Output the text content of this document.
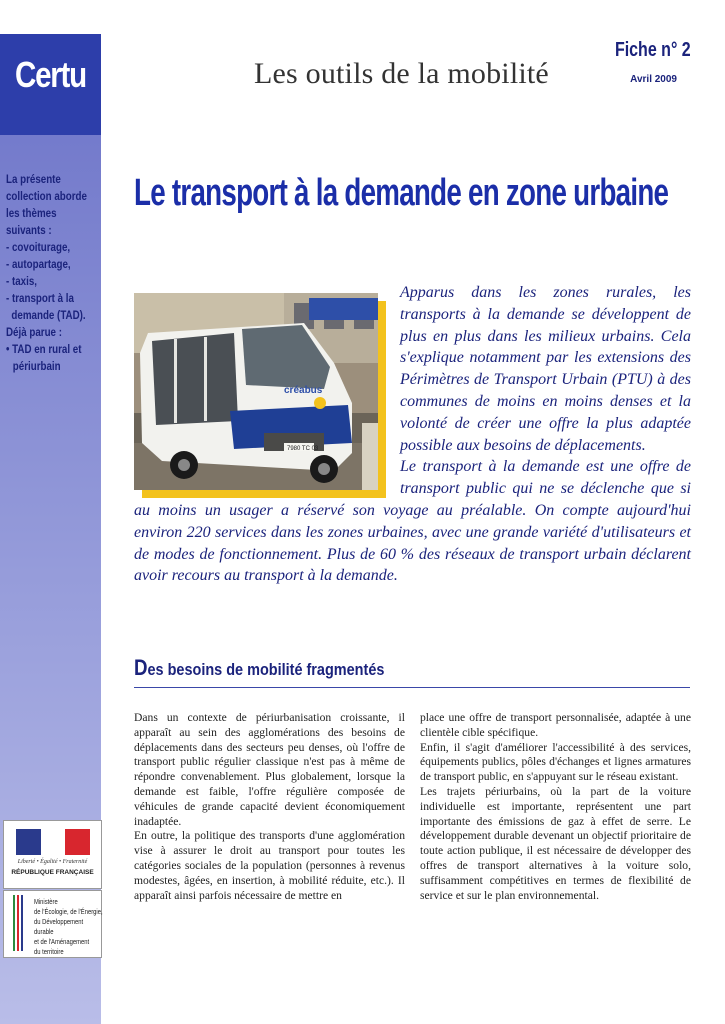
Certu
La présente
collection aborde
les thèmes
suivants :
- covoiturage,
- autopartage,
- taxis,
- transport à la
demande (TAD).
Déjà parue :
• TAD en rural et périurbain
Liberté • Égalité • Fraternité
RÉPUBLIQUE FRANÇAISE
Ministère
de l'Écologie, de l'Énergie,
du Développement durable
et de l'Aménagement
du territoire
Les outils de la mobilité
Fiche n° 2
Avril 2009
Le transport à la demande en zone urbaine
7980 TC 03
créabus

Apparus dans les zones rurales, les transports à la demande se développent de plus en plus dans les milieux urbains. Cela s'explique notamment par les extensions des Périmètres de Transport Urbain (PTU) à des communes de moins en moins denses et la volonté de créer une offre la plus adaptée possible aux besoins de déplacements.

Le transport à la demande est une offre de transport public qui ne se déclenche que si au moins un usager a réservé son voyage au préalable. On compte aujourd'hui environ 220 services dans les zones urbaines, avec une grande variété d'utilisateurs et de modes de fonctionnement. Plus de 60 % des réseaux de transport urbain déclarent avoir recours au transport à la demande.

Des besoins de mobilité fragmentés

Dans un contexte de périurbanisation croissante, il apparaît au sein des agglomérations des besoins de déplacements dans des secteurs peu denses, où l'offre de transport public régulier classique n'est pas à même de répondre convenablement. Plus globalement, lorsque la demande est faible, l'offre régulière composée de véhicules de grande capacité devient économiquement inadaptée.

En outre, la politique des transports d'une agglomération vise à assurer le droit au transport pour toutes les catégories sociales de la population (personnes à revenus modestes, âgées, en insertion, à mobilité réduite, etc.). Il apparaît ainsi parfois nécessaire de mettre en

place une offre de transport personnalisée, adaptée à une clientèle cible spécifique.

Enfin, il s'agit d'améliorer l'accessibilité à des services, équipements publics, pôles d'échanges et lignes armatures de transport public, en s'appuyant sur le réseau existant.

Les trajets périurbains, où la part de la voiture individuelle est importante, représentent une part importante des émissions de gaz à effet de serre. Le développement durable devenant un objectif prioritaire de toute action publique, il est nécessaire de développer des offres de transport alternatives à la voiture solo, suffisamment compétitives en termes de flexibilité de service et sur le plan environnemental.
